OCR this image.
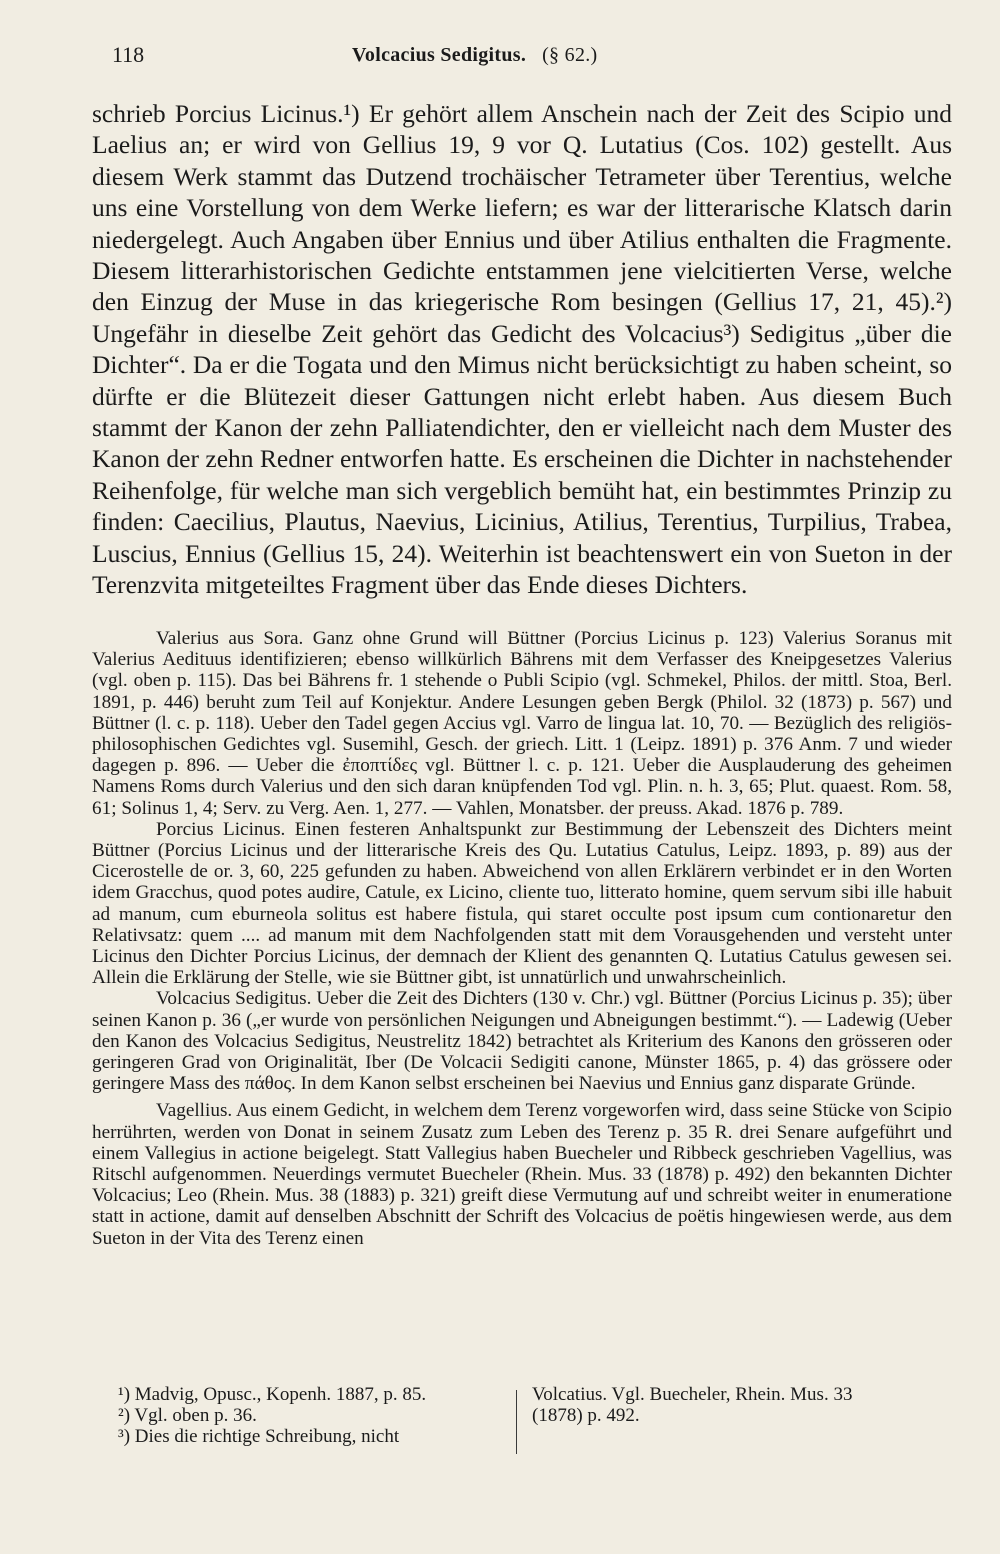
118	Volcacius Sedigitus. (§ 62.)

schrieb Porcius Licinus.¹) Er gehört allem Anschein nach der Zeit des Scipio und Laelius an; er wird von Gellius 19, 9 vor Q. Lutatius (Cos. 102) gestellt. Aus diesem Werk stammt das Dutzend trochäischer Tetrameter über Terentius, welche uns eine Vorstellung von dem Werke liefern; es war der litterarische Klatsch darin niedergelegt. Auch Angaben über Ennius und über Atilius enthalten die Fragmente. Diesem litterarhistorischen Gedichte entstammen jene vielcitierten Verse, welche den Einzug der Muse in das kriegerische Rom besingen (Gellius 17, 21, 45).²) Ungefähr in dieselbe Zeit gehört das Gedicht des Volcacius³) Sedigitus „über die Dichter“. Da er die Togata und den Mimus nicht berücksichtigt zu haben scheint, so dürfte er die Blütezeit dieser Gattungen nicht erlebt haben. Aus diesem Buch stammt der Kanon der zehn Palliatendichter, den er vielleicht nach dem Muster des Kanon der zehn Redner entworfen hatte. Es erscheinen die Dichter in nachstehender Reihenfolge, für welche man sich vergeblich bemüht hat, ein bestimmtes Prinzip zu finden: Caecilius, Plautus, Naevius, Licinius, Atilius, Terentius, Turpilius, Trabea, Luscius, Ennius (Gellius 15, 24). Weiterhin ist beachtenswert ein von Sueton in der Terenzvita mitgeteiltes Fragment über das Ende dieses Dichters.

Valerius aus Sora. Ganz ohne Grund will Büttner (Porcius Licinus p. 123) Valerius Soranus mit Valerius Aedituus identifizieren; ebenso willkürlich Bährens mit dem Verfasser des Kneipgesetzes Valerius (vgl. oben p. 115). Das bei Bährens fr. 1 stehende o Publi Scipio (vgl. Schmekel, Philos. der mittl. Stoa, Berl. 1891, p. 446) beruht zum Teil auf Konjektur. Andere Lesungen geben Bergk (Philol. 32 (1873) p. 567) und Büttner (l. c. p. 118). Ueber den Tadel gegen Accius vgl. Varro de lingua lat. 10, 70. — Bezüglich des religiös-philosophischen Gedichtes vgl. Susemihl, Gesch. der griech. Litt. 1 (Leipz. 1891) p. 376 Anm. 7 und wieder dagegen p. 896. — Ueber die ἐποπτίδες vgl. Büttner l. c. p. 121. Ueber die Ausplauderung des geheimen Namens Roms durch Valerius und den sich daran knüpfenden Tod vgl. Plin. n. h. 3, 65; Plut. quaest. Rom. 58, 61; Solinus 1, 4; Serv. zu Verg. Aen. 1, 277. — Vahlen, Monatsber. der preuss. Akad. 1876 p. 789.

Porcius Licinus. Einen festeren Anhaltspunkt zur Bestimmung der Lebenszeit des Dichters meint Büttner (Porcius Licinus und der litterarische Kreis des Qu. Lutatius Catulus, Leipz. 1893, p. 89) aus der Cicerostelle de or. 3, 60, 225 gefunden zu haben. Abweichend von allen Erklärern verbindet er in den Worten idem Gracchus, quod potes audire, Catule, ex Licino, cliente tuo, litterato homine, quem servum sibi ille habuit ad manum, cum eburneola solitus est habere fistula, qui staret occulte post ipsum cum contionaretur den Relativsatz: quem .... ad manum mit dem Nachfolgenden statt mit dem Vorausgehenden und versteht unter Licinus den Dichter Porcius Licinus, der demnach der Klient des genannten Q. Lutatius Catulus gewesen sei. Allein die Erklärung der Stelle, wie sie Büttner gibt, ist unnatürlich und unwahrscheinlich.

Volcacius Sedigitus. Ueber die Zeit des Dichters (130 v. Chr.) vgl. Büttner (Porcius Licinus p. 35); über seinen Kanon p. 36 („er wurde von persönlichen Neigungen und Abneigungen bestimmt.“). — Ladewig (Ueber den Kanon des Volcacius Sedigitus, Neustrelitz 1842) betrachtet als Kriterium des Kanons den grösseren oder geringeren Grad von Originalität, Iber (De Volcacii Sedigiti canone, Münster 1865, p. 4) das grössere oder geringere Mass des πάθος. In dem Kanon selbst erscheinen bei Naevius und Ennius ganz disparate Gründe.

Vagellius. Aus einem Gedicht, in welchem dem Terenz vorgeworfen wird, dass seine Stücke von Scipio herrührten, werden von Donat in seinem Zusatz zum Leben des Terenz p. 35 R. drei Senare aufgeführt und einem Vallegius in actione beigelegt. Statt Vallegius haben Buecheler und Ribbeck geschrieben Vagellius, was Ritschl aufgenommen. Neuerdings vermutet Buecheler (Rhein. Mus. 33 (1878) p. 492) den bekannten Dichter Volcacius; Leo (Rhein. Mus. 38 (1883) p. 321) greift diese Vermutung auf und schreibt weiter in enumeratione statt in actione, damit auf denselben Abschnitt der Schrift des Volcacius de poëtis hingewiesen werde, aus dem Sueton in der Vita des Terenz einen

¹) Madvig, Opusc., Kopenh. 1887, p. 85.
²) Vgl. oben p. 36.
³) Dies die richtige Schreibung, nicht
Volcatius. Vgl. Buecheler, Rhein. Mus. 33
(1878) p. 492.
